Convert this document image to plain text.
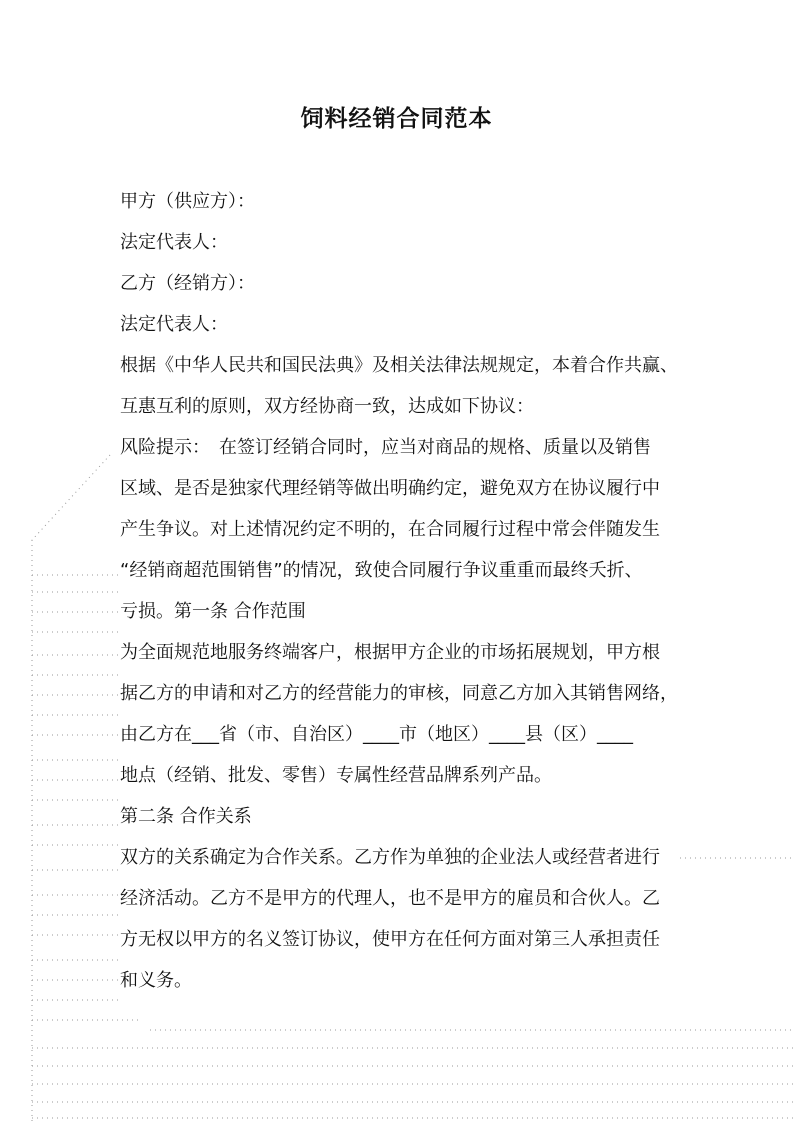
饲料经销合同范本
甲方（供应方）：
法定代表人：
乙方（经销方）：
法定代表人：
根据《中华人民共和国民法典》及相关法律法规规定，本着合作共赢、
互惠互利的原则，双方经协商一致，达成如下协议：
风险提示：　在签订经销合同时，应当对商品的规格、质量以及销售
区域、是否是独家代理经销等做出明确约定，避免双方在协议履行中
产生争议。对上述情况约定不明的，在合同履行过程中常会伴随发生
“经销商超范围销售”的情况，致使合同履行争议重重而最终夭折、
亏损。第一条 合作范围
为全面规范地服务终端客户，根据甲方企业的市场拓展规划，甲方根
据乙方的申请和对乙方的经营能力的审核，同意乙方加入其销售网络，
由乙方在___省（市、自治区）____市（地区）____县（区）____
地点（经销、批发、零售）专属性经营品牌系列产品。
第二条 合作关系
双方的关系确定为合作关系。乙方作为单独的企业法人或经营者进行
经济活动。乙方不是甲方的代理人，也不是甲方的雇员和合伙人。乙
方无权以甲方的名义签订协议，使甲方在任何方面对第三人承担责任
和义务。
